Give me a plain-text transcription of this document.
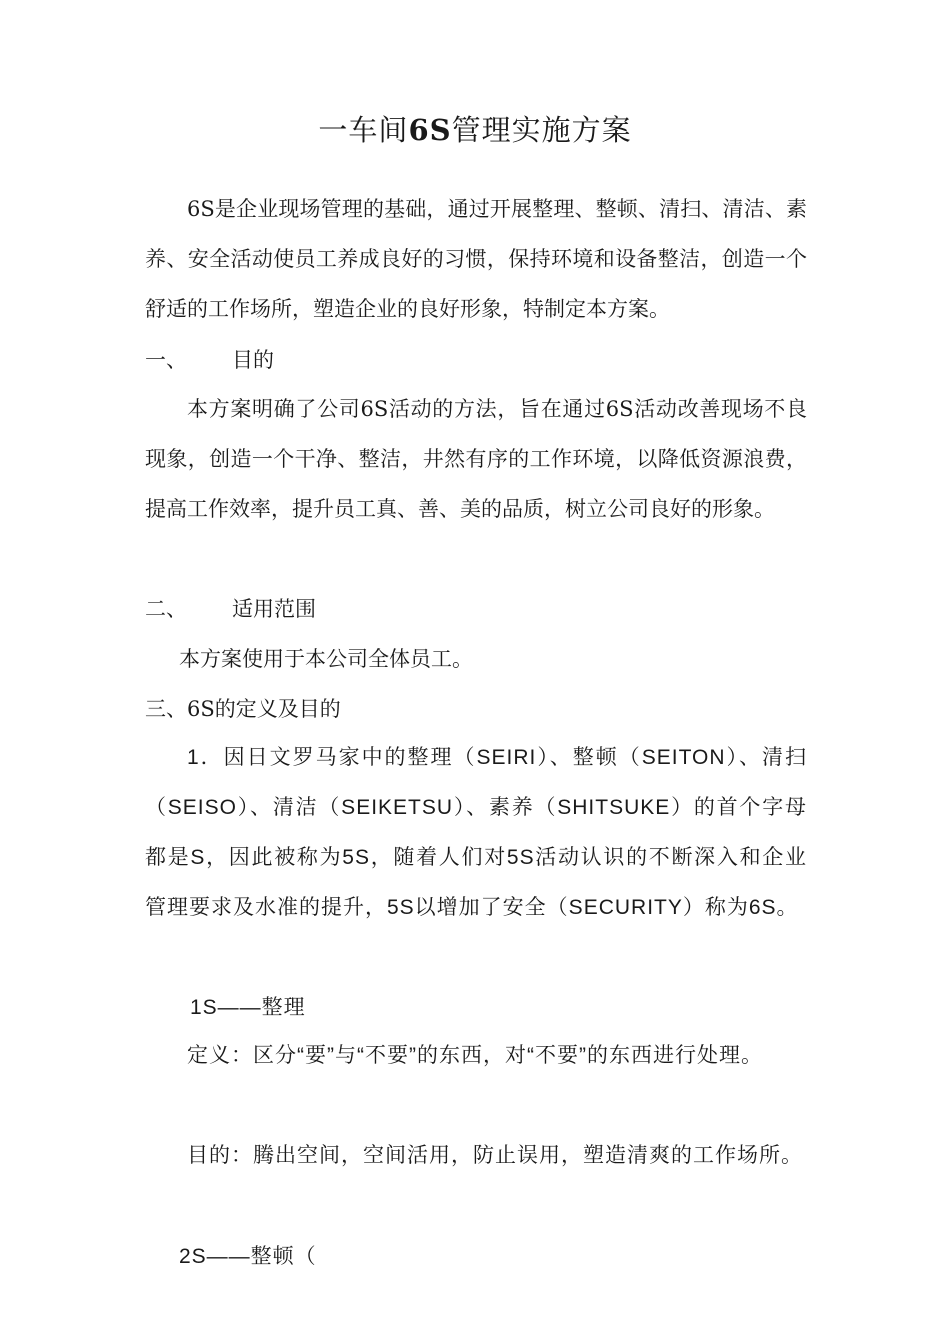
一车间6S管理实施方案

6S是企业现场管理的基础，通过开展整理、整顿、清扫、清洁、素养、安全活动使员工养成良好的习惯，保持环境和设备整洁，创造一个舒适的工作场所，塑造企业的良好形象，特制定本方案。

一、 目的

本方案明确了公司6S活动的方法，旨在通过6S活动改善现场不良现象，创造一个干净、整洁，井然有序的工作环境，以降低资源浪费，提高工作效率，提升员工真、善、美的品质，树立公司良好的形象。

二、 适用范围
本方案使用于本公司全体员工。
三、6S的定义及目的

1．因日文罗马家中的整理（SEIRI）、整顿（SEITON）、清扫（SEISO）、清洁（SEIKETSU）、素养（SHITSUKE）的首个字母都是S，因此被称为5S，随着人们对5S活动认识的不断深入和企业管理要求及水准的提升，5S以增加了安全（SECURITY）称为6S。

1S——整理

定义：区分“要”与“不要”的东西，对“不要”的东西进行处理。

目的：腾出空间，空间活用，防止误用，塑造清爽的工作场所。

2S——整顿（
